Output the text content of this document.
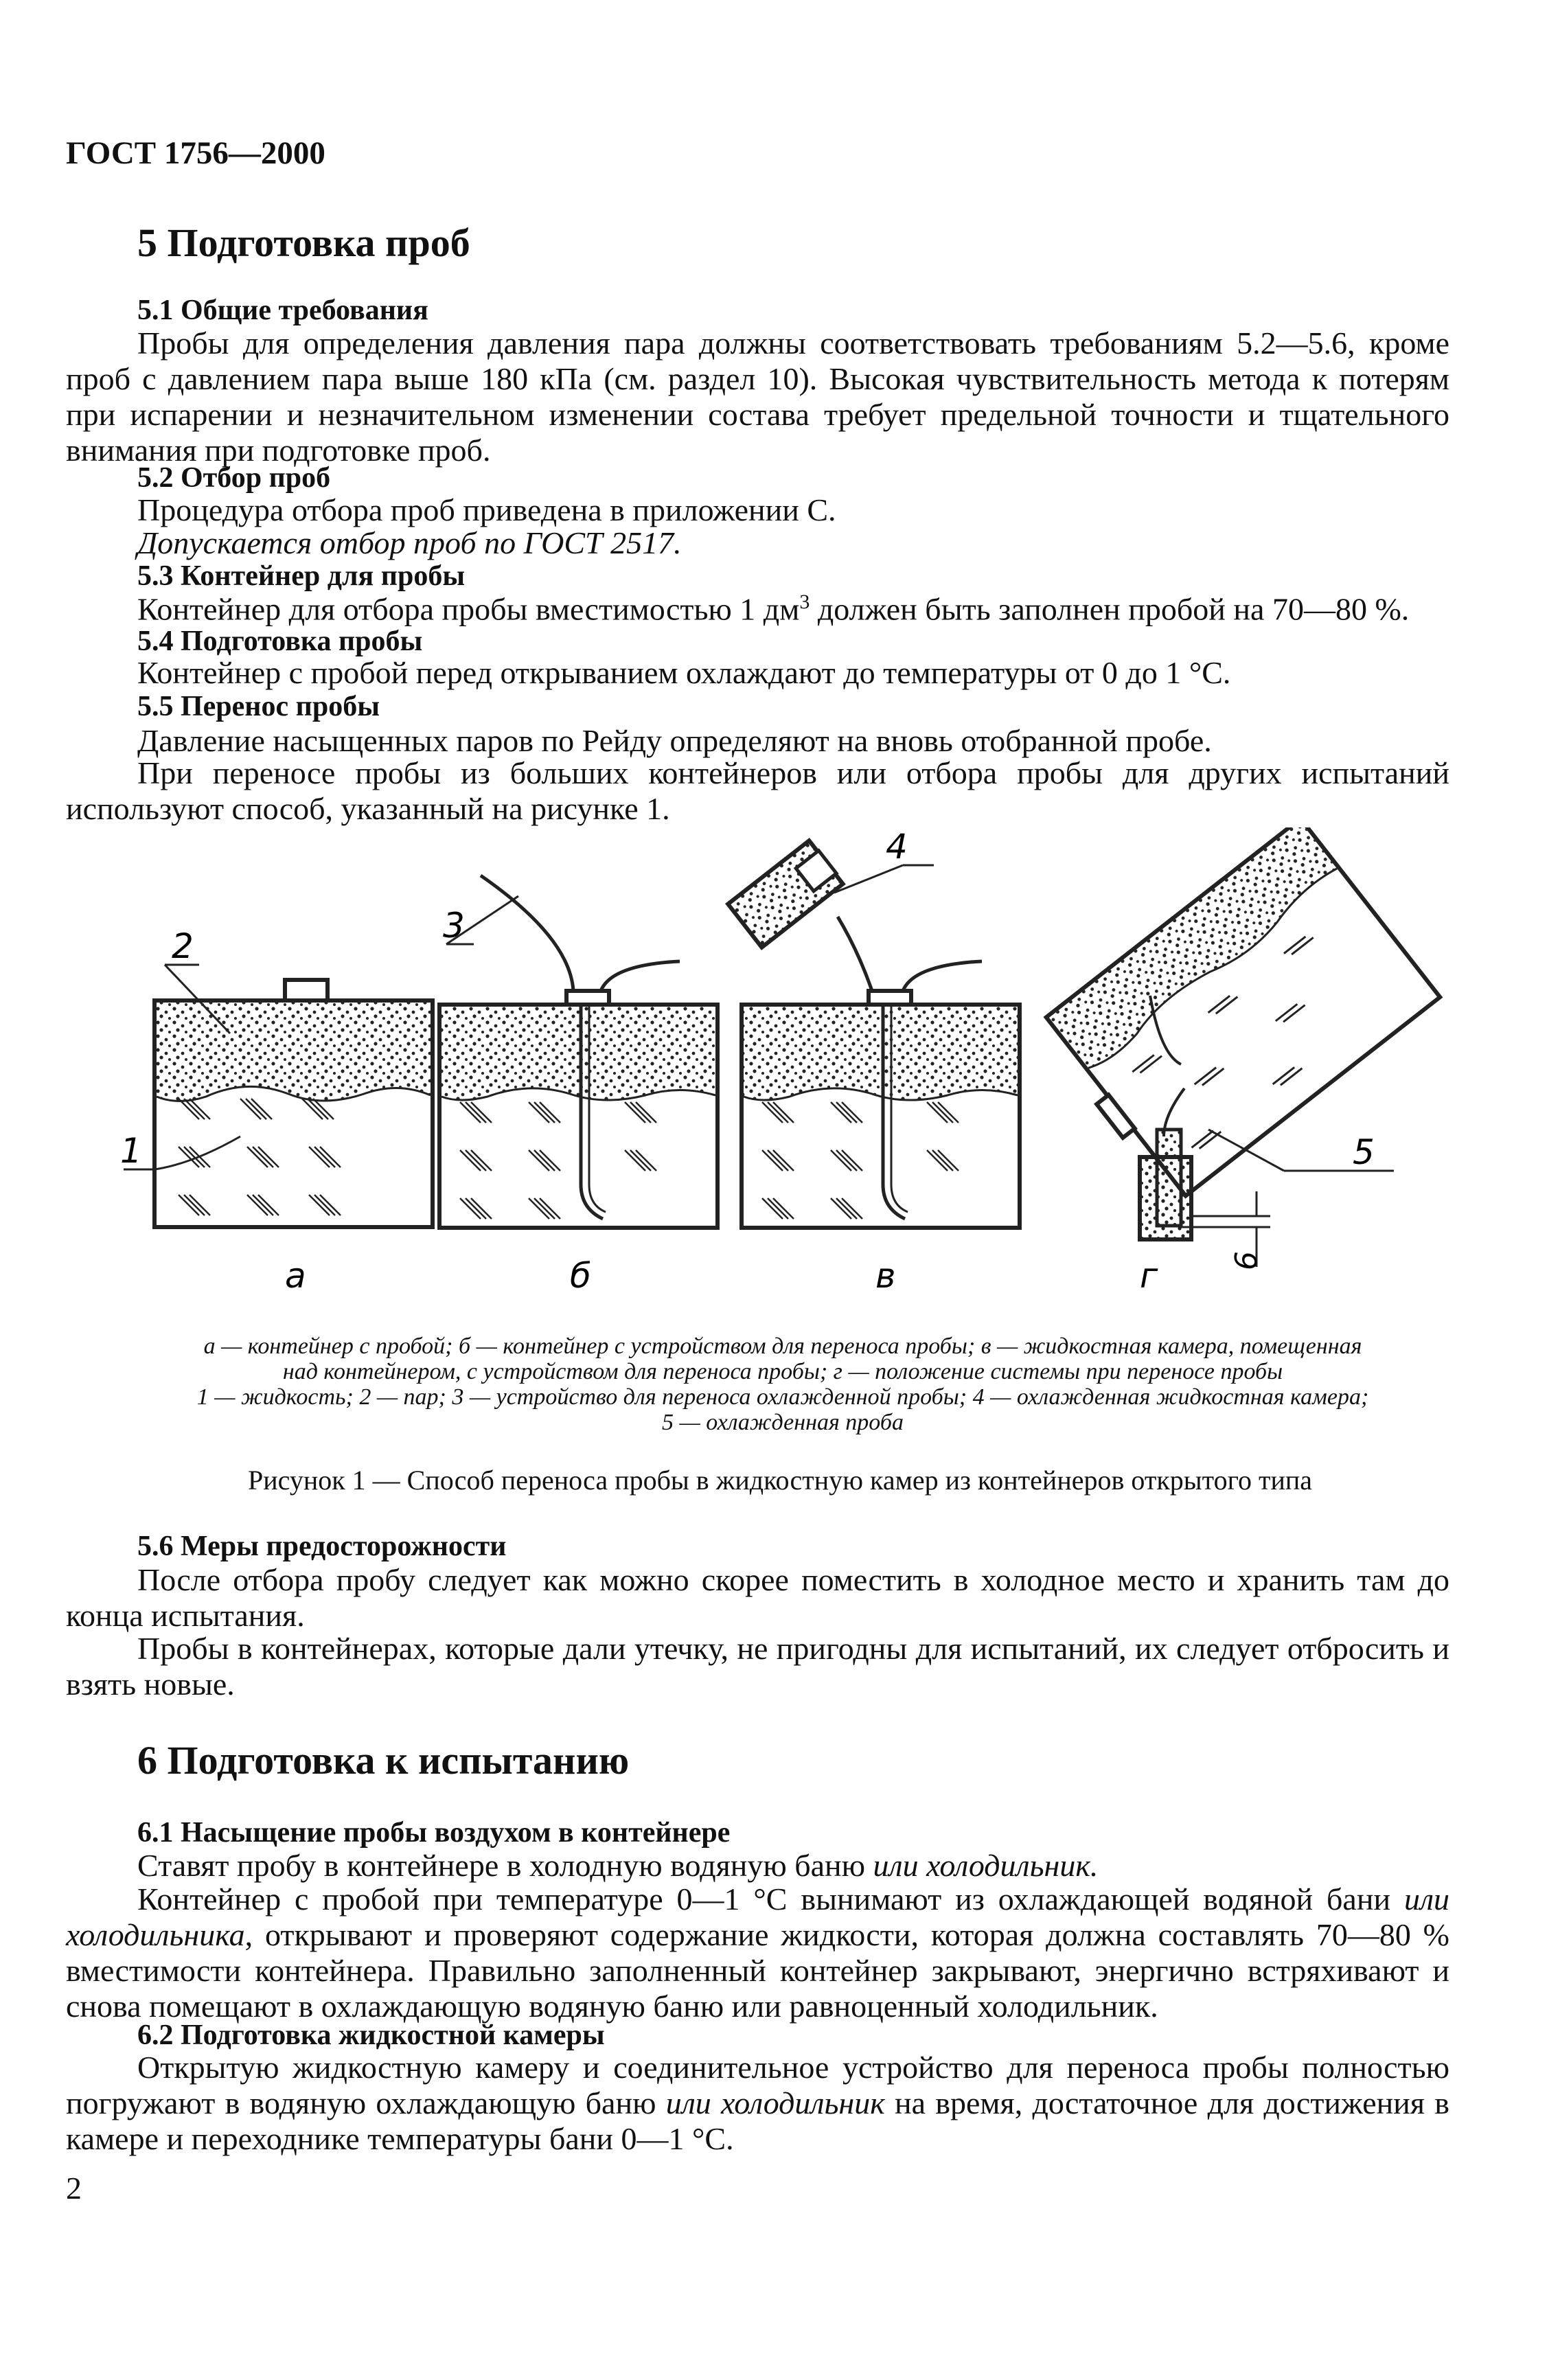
ГОСТ 1756—2000
5 Подготовка проб
5.1 Общие требования
Пробы для определения давления пара должны соответствовать требованиям 5.2—5.6, кроме проб с давлением пара выше 180 кПа (см. раздел 10). Высокая чувствительность метода к потерям при испарении и незначительном изменении состава требует предельной точности и тщательного внимания при подготовке проб.
5.2 Отбор проб
Процедура отбора проб приведена в приложении С.
Допускается отбор проб по ГОСТ 2517.
5.3 Контейнер для пробы
Контейнер для отбора пробы вместимостью 1 $дм^3$ должен быть заполнен пробой на 70—80 %.
5.4 Подготовка пробы
Контейнер с пробой перед открыванием охлаждают до температуры от 0 до 1 °С.
5.5 Перенос пробы
Давление насыщенных паров по Рейду определяют на вновь отобранной пробе.
При переносе пробы из больших контейнеров или отбора пробы для других испытаний используют способ, указанный на рисунке 1.
2
1
3
4
5
6
а	б	в	г
а — контейнер с пробой; б — контейнер с устройством для переноса пробы; в — жидкостная камера, помещенная
над контейнером, с устройством для переноса пробы; г — положение системы при переносе пробы
1 — жидкость; 2 — пар; 3 — устройство для переноса охлажденной пробы; 4 — охлажденная жидкостная камера;
5 — охлажденная проба
Рисунок 1 — Способ переноса пробы в жидкостную камер из контейнеров открытого типа
5.6 Меры предосторожности
После отбора пробу следует как можно скорее поместить в холодное место и хранить там до конца испытания.
Пробы в контейнерах, которые дали утечку, не пригодны для испытаний, их следует отбросить и взять новые.
6 Подготовка к испытанию
6.1 Насыщение пробы воздухом в контейнере
Ставят пробу в контейнере в холодную водяную баню или холодильник.
Контейнер с пробой при температуре 0—1 °С вынимают из охлаждающей водяной бани или холодильника, открывают и проверяют содержание жидкости, которая должна составлять 70—80 % вместимости контейнера. Правильно заполненный контейнер закрывают, энергично встряхивают и снова помещают в охлаждающую водяную баню или равноценный холодильник.
6.2 Подготовка жидкостной камеры
Открытую жидкостную камеру и соединительное устройство для переноса пробы полностью погружают в водяную охлаждающую баню или холодильник на время, достаточное для достижения в камере и переходнике температуры бани 0—1 °С.
2
